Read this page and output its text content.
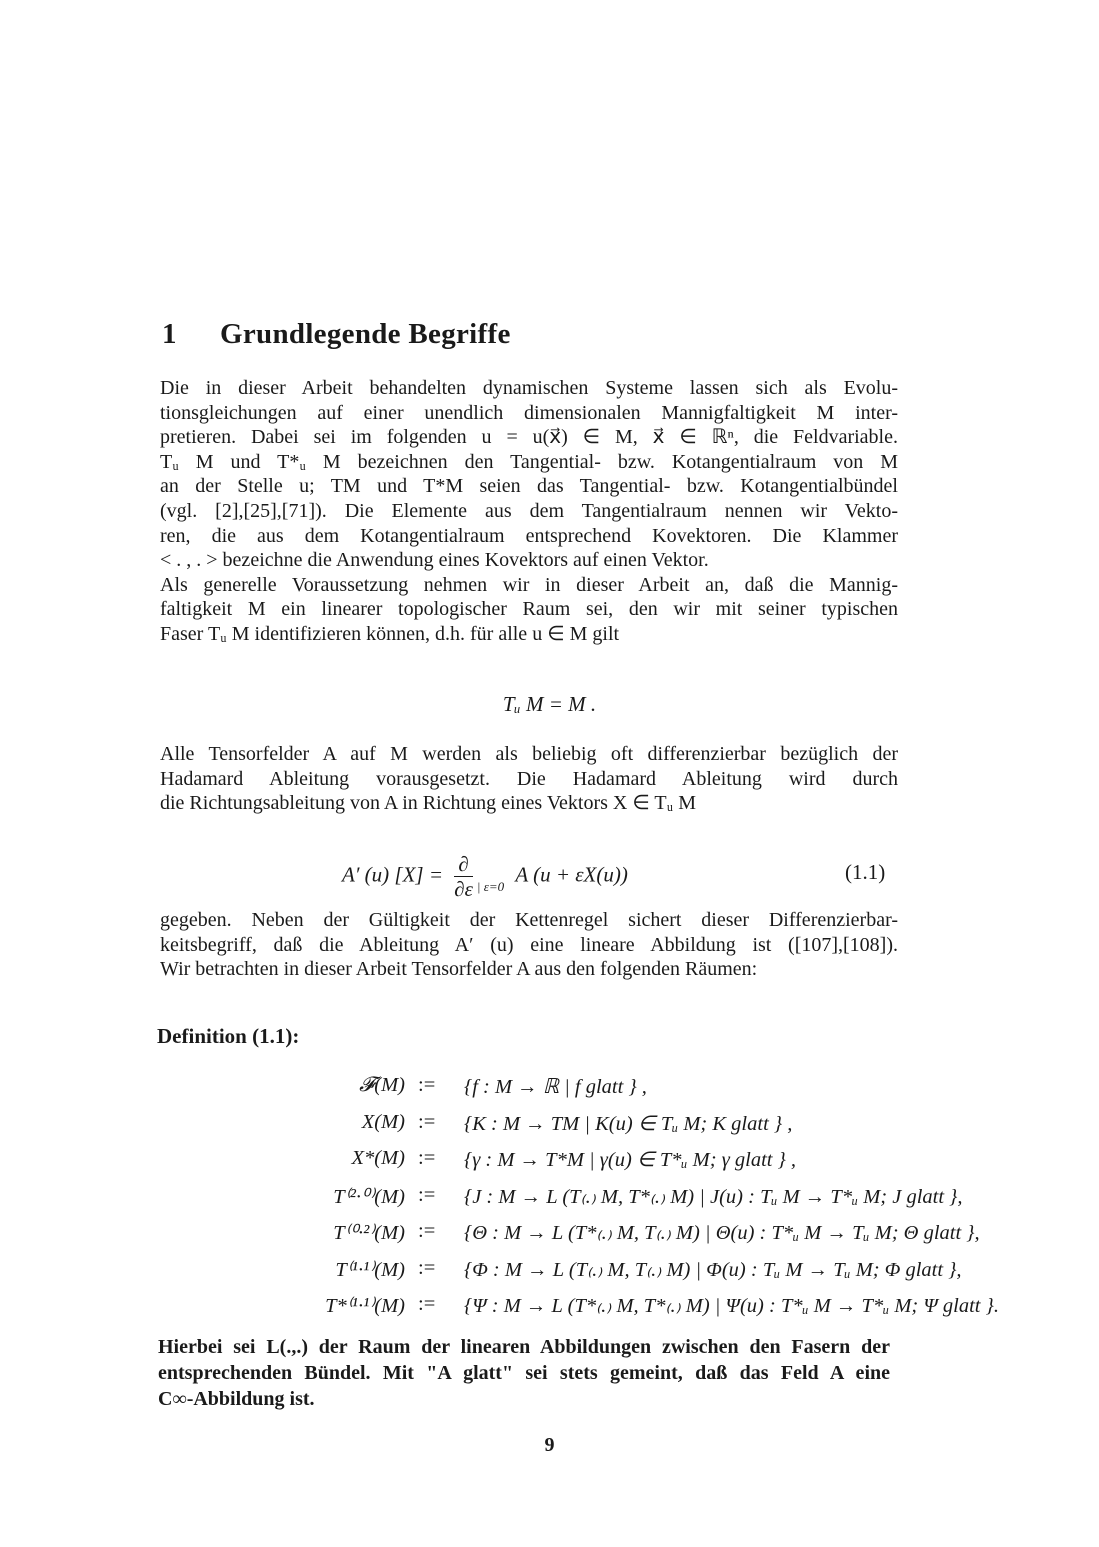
1 Grundlegende Begriffe
Die in dieser Arbeit behandelten dynamischen Systeme lassen sich als Evolu-
tionsgleichungen auf einer unendlich dimensionalen Mannigfaltigkeit M inter-
pretieren. Dabei sei im folgenden u = u(x⃗) ∈ M, x⃗ ∈ ℝⁿ, die Feldvariable.
Tᵤ M und T*ᵤ M bezeichnen den Tangential- bzw. Kotangentialraum von M
an der Stelle u; TM und T*M seien das Tangential- bzw. Kotangentialbündel
(vgl. [2],[25],[71]). Die Elemente aus dem Tangentialraum nennen wir Vekto-
ren, die aus dem Kotangentialraum entsprechend Kovektoren. Die Klammer
< . , . > bezeichne die Anwendung eines Kovektors auf einen Vektor.
Als generelle Voraussetzung nehmen wir in dieser Arbeit an, daß die Mannig-
faltigkeit M ein linearer topologischer Raum sei, den wir mit seiner typischen
Faser Tᵤ M identifizieren können, d.h. für alle u ∈ M gilt
Tᵤ M = M .
Alle Tensorfelder A auf M werden als beliebig oft differenzierbar bezüglich der
Hadamard Ableitung vorausgesetzt. Die Hadamard Ableitung wird durch
die Richtungsableitung von A in Richtung eines Vektors X ∈ Tᵤ M
A′ (u) $[X] = \frac{\partial}{\partial\varepsilon} _{| \varepsilon=0}$ A (u + εX(u))	(1.1)
gegeben. Neben der Gültigkeit der Kettenregel sichert dieser Differenzierbar-
keitsbegriff, daß die Ableitung A′ (u) eine lineare Abbildung ist ([107],[108]).
Wir betrachten in dieser Arbeit Tensorfelder A aus den folgenden Räumen:
Definition (1.1):
𝓕(M) := {f : M → ℝ | f glatt } ,
X(M) := {K : M → TM | K(u) ∈ Tᵤ M; K glatt } ,
X*(M) := {γ : M → T*M | γ(u) ∈ T*ᵤ M; γ glatt } ,
T⁽²·⁰⁾(M) := {J : M → L (T₍.₎ M, T*₍.₎ M) | J(u) : Tᵤ M → T*ᵤ M; J glatt },
T⁽⁰·²⁾(M) := {Θ : M → L (T*₍.₎ M, T₍.₎ M) | Θ(u) : T*ᵤ M → Tᵤ M; Θ glatt },
T⁽¹·¹⁾(M) := {Φ : M → L (T₍.₎ M, T₍.₎ M) | Φ(u) : Tᵤ M → Tᵤ M; Φ glatt },
T*⁽¹·¹⁾(M) := {Ψ : M → L (T*₍.₎ M, T*₍.₎ M) | Ψ(u) : T*ᵤ M → T*ᵤ M; Ψ glatt }.
Hierbei sei L(.,.) der Raum der linearen Abbildungen zwischen den Fasern der
entsprechenden Bündel. Mit "A glatt" sei stets gemeint, daß das Feld A eine
C∞-Abbildung ist.
9
